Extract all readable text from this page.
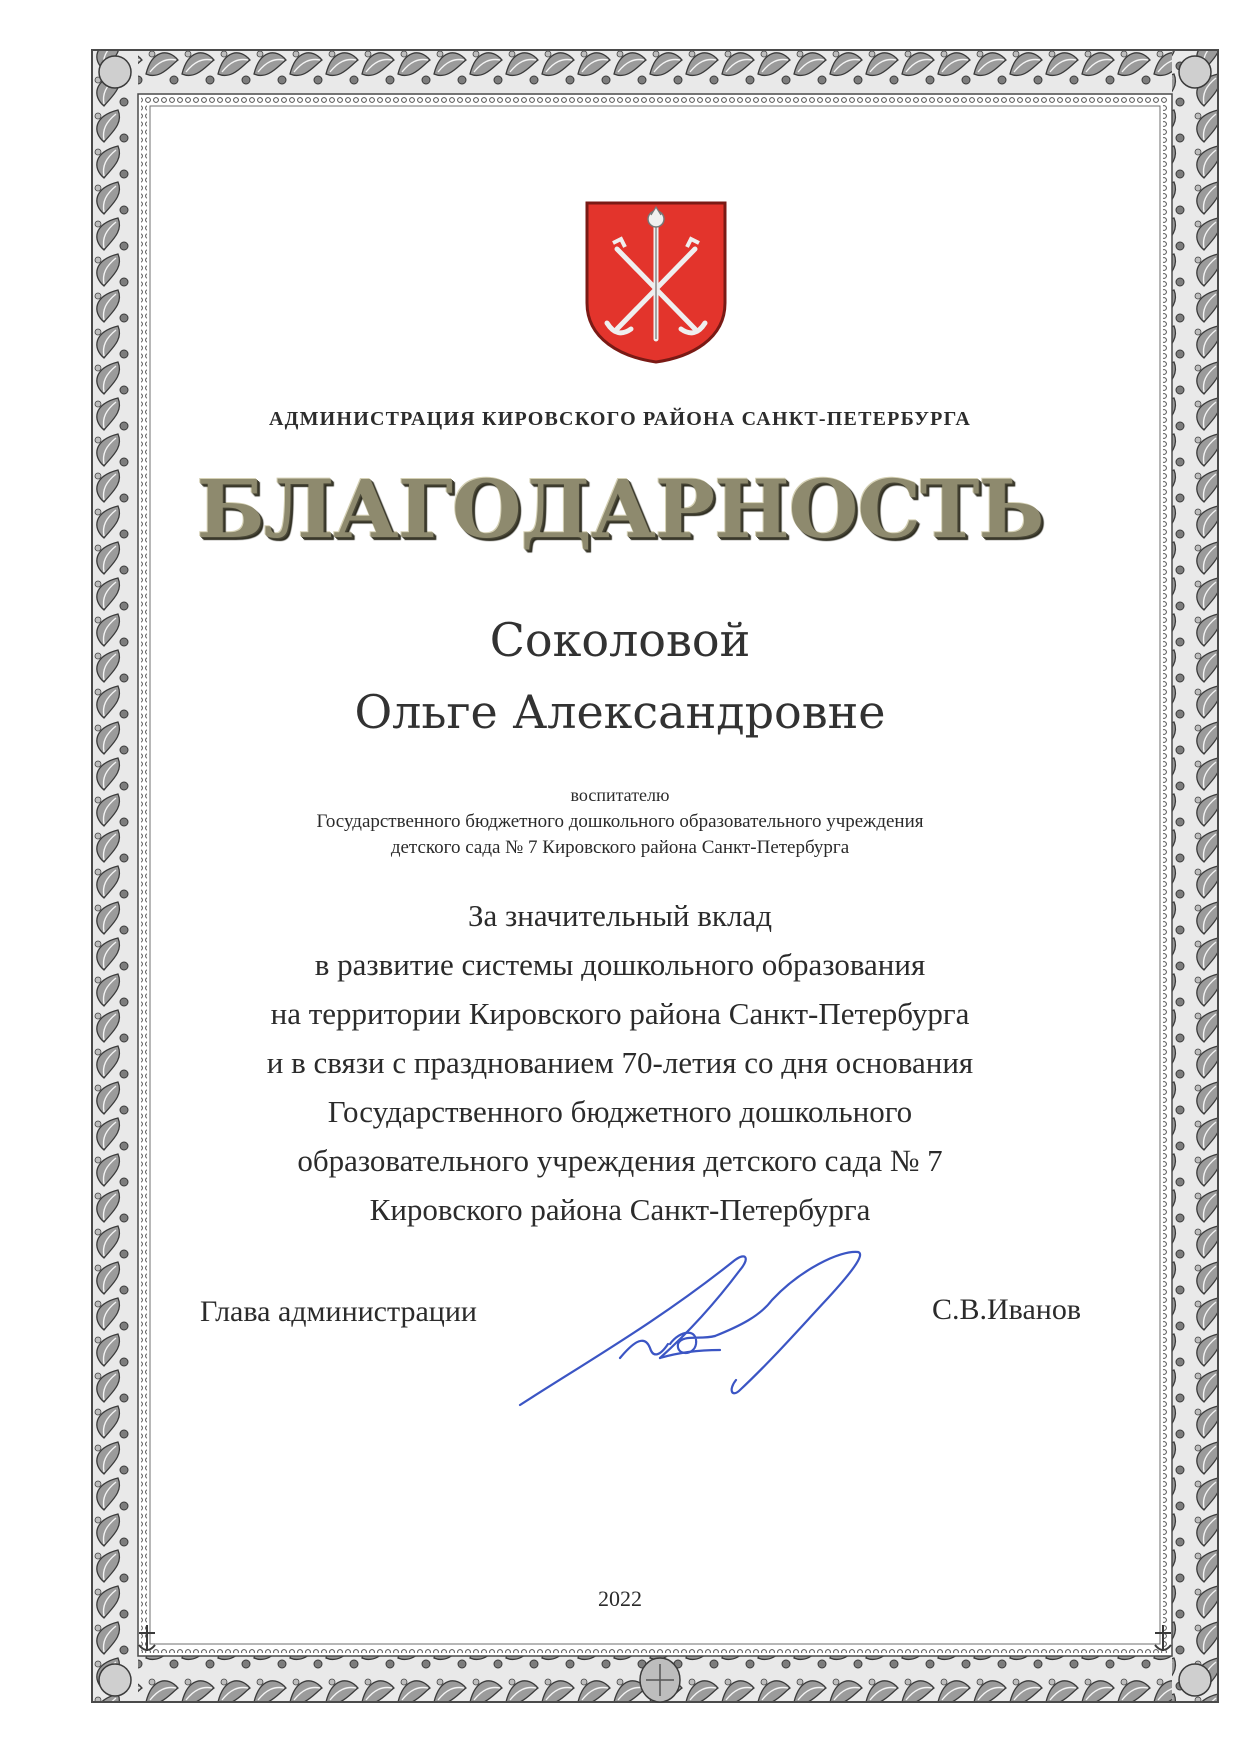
АДМИНИСТРАЦИЯ КИРОВСКОГО РАЙОНА САНКТ-ПЕТЕРБУРГА

БЛАГОДАРНОСТЬ

Соколовой

Ольге Александровне

воспитателю

Государственного бюджетного дошкольного образовательного учреждения

детского сада № 7 Кировского района Санкт-Петербурга

За значительный вклад
в развитие системы дошкольного образования
на территории Кировского района Санкт-Петербурга
и в связи с празднованием 70-летия со дня основания
Государственного бюджетного дошкольного
образовательного учреждения детского сада № 7
Кировского района Санкт-Петербурга

Глава администрации	С.В.Иванов

2022
